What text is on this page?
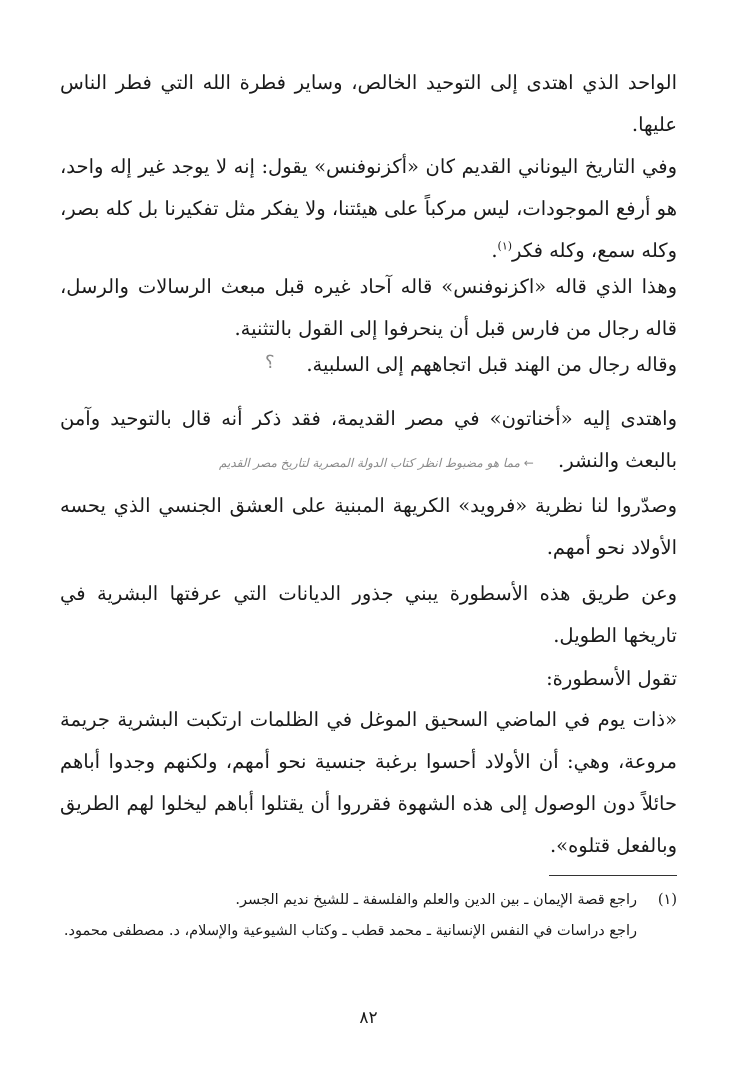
الواحد الذي اهتدى إلى التوحيد الخالص، وساير فطرة الله التي فطر الناس عليها.

وفي التاريخ اليوناني القديم كان «أكزنوفنس» يقول: إنه لا يوجد غير إله واحد، هو أرفع الموجودات، ليس مركباً على هيئتنا، ولا يفكر مثل تفكيرنا بل كله بصر، وكله سمع، وكله فكر$^{(١)}$.

وهذا الذي قاله «اكزنوفنس» قاله آحاد غيره قبل مبعث الرسالات والرسل، قاله رجال من فارس قبل أن ينحرفوا إلى القول بالتثنية.

وقاله رجال من الهند قبل اتجاههم إلى السلبية.

؟

واهتدى إليه «أخناتون» في مصر القديمة، فقد ذكر أنه قال بالتوحيد وآمن بالبعث والنشر. ← مما هو مضبوط انظر كتاب الدولة المصرية لتاريخ مصر القديم

وصدّروا لنا نظرية «فرويد» الكريهة المبنية على العشق الجنسي الذي يحسه الأولاد نحو أمهم.

وعن طريق هذه الأسطورة يبني جذور الديانات التي عرفتها البشرية في تاريخها الطويل.

تقول الأسطورة:

«ذات يوم في الماضي السحيق الموغل في الظلمات ارتكبت البشرية جريمة مروعة، وهي: أن الأولاد أحسوا برغبة جنسية نحو أمهم، ولكنهم وجدوا أباهم حائلاً دون الوصول إلى هذه الشهوة فقرروا أن يقتلوا أباهم ليخلوا لهم الطريق وبالفعل قتلوه».

(١)راجع قصة الإيمان ـ بين الدين والعلم والفلسفة ـ للشيخ نديم الجسر.

راجع دراسات في النفس الإنسانية ـ محمد قطب ـ وكتاب الشيوعية والإسلام، د. مصطفى محمود.

٨٢
